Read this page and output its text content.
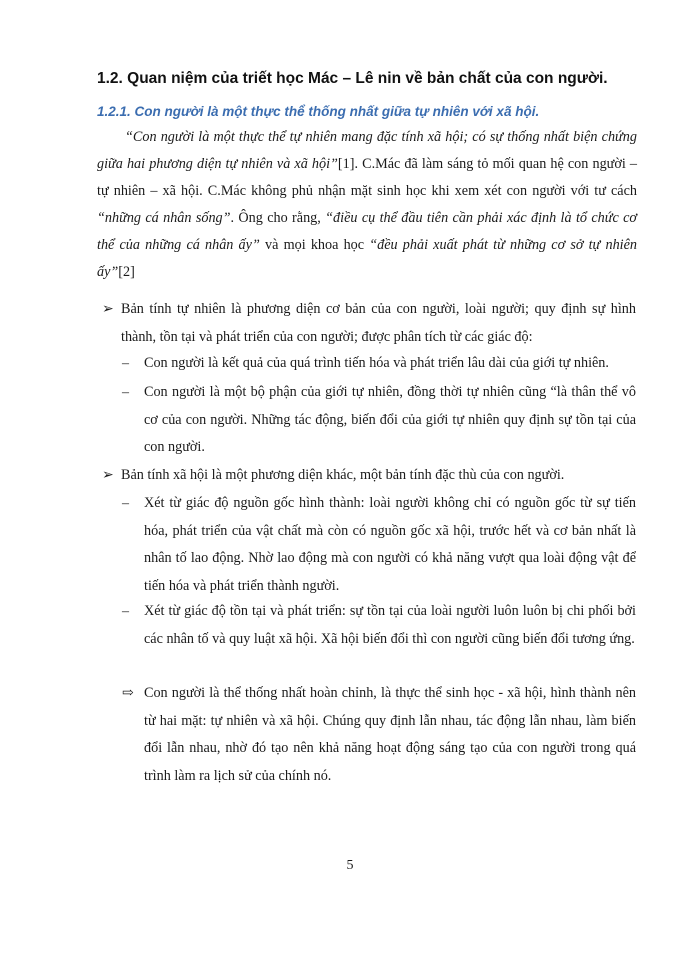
1.2. Quan niệm của triết học Mác – Lê nin về bản chất của con người.
1.2.1. Con người là một thực thể thống nhất giữa tự nhiên với xã hội.
“Con người là một thực thể tự nhiên mang đặc tính xã hội; có sự thống nhất biện chứng giữa hai phương diện tự nhiên và xã hội”[1]. C.Mác đã làm sáng tỏ mối quan hệ con người – tự nhiên – xã hội. C.Mác không phủ nhận mặt sinh học khi xem xét con người với tư cách “những cá nhân sống”. Ông cho rằng, “điều cụ thể đầu tiên cần phải xác định là tổ chức cơ thể của những cá nhân ấy” và mọi khoa học “đều phải xuất phát từ những cơ sở tự nhiên ấy”[2]
➢ Bản tính tự nhiên là phương diện cơ bản của con người, loài người; quy định sự hình thành, tồn tại và phát triển của con người; được phân tích từ các giác độ:
– Con người là kết quả của quá trình tiến hóa và phát triển lâu dài của giới tự nhiên.
– Con người là một bộ phận của giới tự nhiên, đồng thời tự nhiên cũng “là thân thể vô cơ của con người. Những tác động, biến đổi của giới tự nhiên quy định sự tồn tại của con người.
➢ Bản tính xã hội là một phương diện khác, một bản tính đặc thù của con người.
– Xét từ giác độ nguồn gốc hình thành: loài người không chỉ có nguồn gốc từ sự tiến hóa, phát triển của vật chất mà còn có nguồn gốc xã hội, trước hết và cơ bản nhất là nhân tố lao động. Nhờ lao động mà con người có khả năng vượt qua loài động vật để tiến hóa và phát triển thành người.
– Xét từ giác độ tồn tại và phát triển: sự tồn tại của loài người luôn luôn bị chi phối bởi các nhân tố và quy luật xã hội. Xã hội biến đổi thì con người cũng biến đổi tương ứng.
⇨ Con người là thể thống nhất hoàn chỉnh, là thực thể sinh học - xã hội, hình thành nên từ hai mặt: tự nhiên và xã hội. Chúng quy định lẫn nhau, tác động lẫn nhau, làm biến đổi lẫn nhau, nhờ đó tạo nên khả năng hoạt động sáng tạo của con người trong quá trình làm ra lịch sử của chính nó.
5
